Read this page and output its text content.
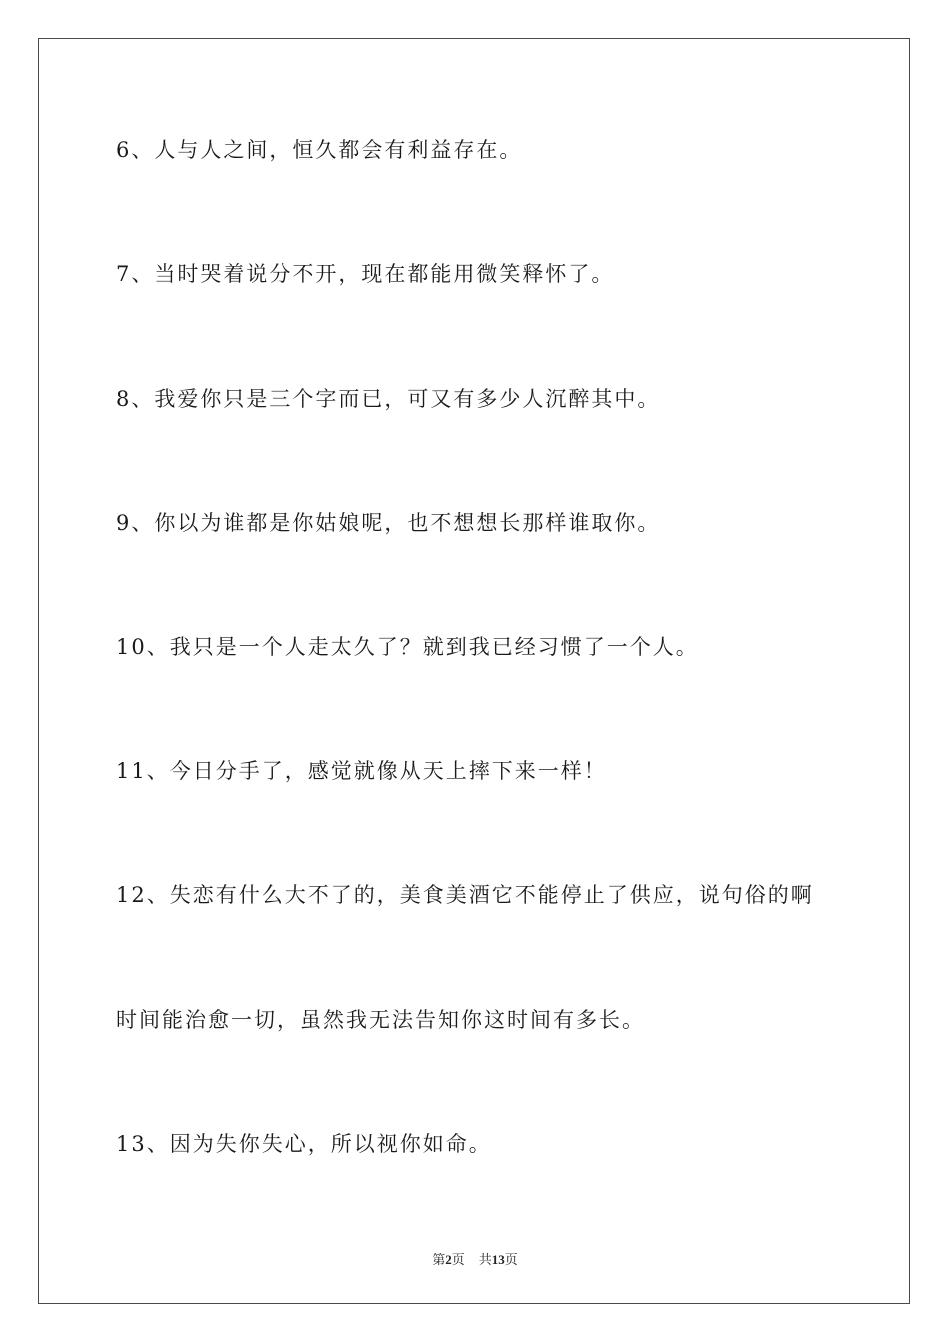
6、人与人之间，恒久都会有利益存在。
7、当时哭着说分不开，现在都能用微笑释怀了。
8、我爱你只是三个字而已，可又有多少人沉醉其中。
9、你以为谁都是你姑娘呢，也不想想长那样谁取你。
10、我只是一个人走太久了？就到我已经习惯了一个人。
11、今日分手了，感觉就像从天上摔下来一样！
12、失恋有什么大不了的，美食美酒它不能停止了供应，说句俗的啊
时间能治愈一切，虽然我无法告知你这时间有多长。
13、因为失你失心，所以视你如命。
第2页 共13页
